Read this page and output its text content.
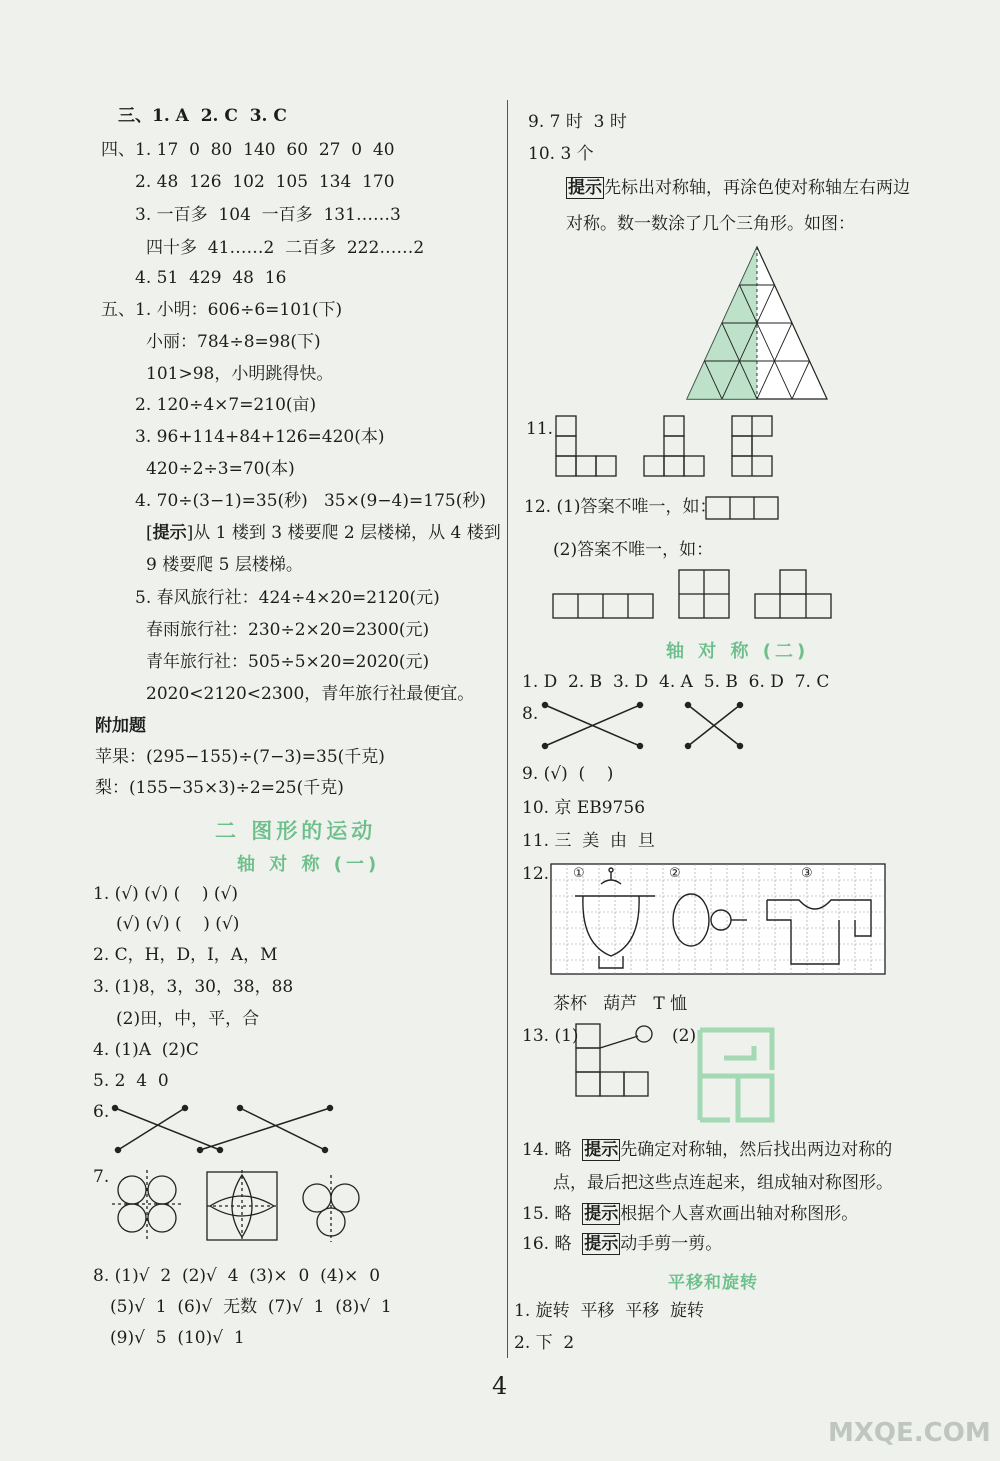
三、1. A  2. C  3. C
四、1. 17  0  80  140  60  27  0  40
2. 48  126  102  105  134  170
3. 一百多  104  一百多  131……3
四十多  41……2  二百多  222……2
4. 51  429  48  16
五、1. 小明：606÷6=101(下)
小丽：784÷8=98(下)
101>98，小明跳得快。
2. 120÷4×7=210(亩)
3. 96+114+84+126=420(本)
420÷2÷3=70(本)
4. 70÷(3−1)=35(秒)   35×(9−4)=175(秒)
[提示]从 1 楼到 3 楼要爬 2 层楼梯，从 4 楼到
9 楼要爬 5 层楼梯。
5. 春风旅行社：424÷4×20=2120(元)
春雨旅行社：230÷2×20=2300(元)
青年旅行社：505÷5×20=2020(元)
2020<2120<2300，青年旅行社最便宜。
附加题
苹果：(295−155)÷(7−3)=35(千克)
梨：(155−35×3)÷2=25(千克)
二 图形的运动
轴 对 称 (一)
1. (√) (√) (    ) (√)
(√) (√) (    ) (√)
2. C，H，D，I，A，M
3. (1)8，3，30，38，88
(2)田，中，平，合
4. (1)A  (2)C
5. 2  4  0
6.
7.
8. (1)√  2  (2)√  4  (3)×  0  (4)×  0
(5)√  1  (6)√  无数  (7)√  1  (8)√  1
(9)√  5  (10)√  1
9. 7 时  3 时
10. 3 个
提示 先标出对称轴，再涂色使对称轴左右两边
对称。数一数涂了几个三角形。如图：
11.
12. (1)答案不唯一，如：
(2)答案不唯一，如：
轴 对 称 (二)
1. D  2. B  3. D  4. A  5. B  6. D  7. C
8.
9. (√)  (    )
10. 京 EB9756
11. 三  美  由  旦
12. ①	②	③
茶杯   葫芦   T 恤
13. (1)	(2)
14. 略  提示 先确定对称轴，然后找出两边对称的
点，最后把这些点连起来，组成轴对称图形。
15. 略  提示 根据个人喜欢画出轴对称图形。
16. 略  提示 动手剪一剪。
平移和旋转
1. 旋转  平移  平移  旋转
2. 下  2
4
MXQE.COM
